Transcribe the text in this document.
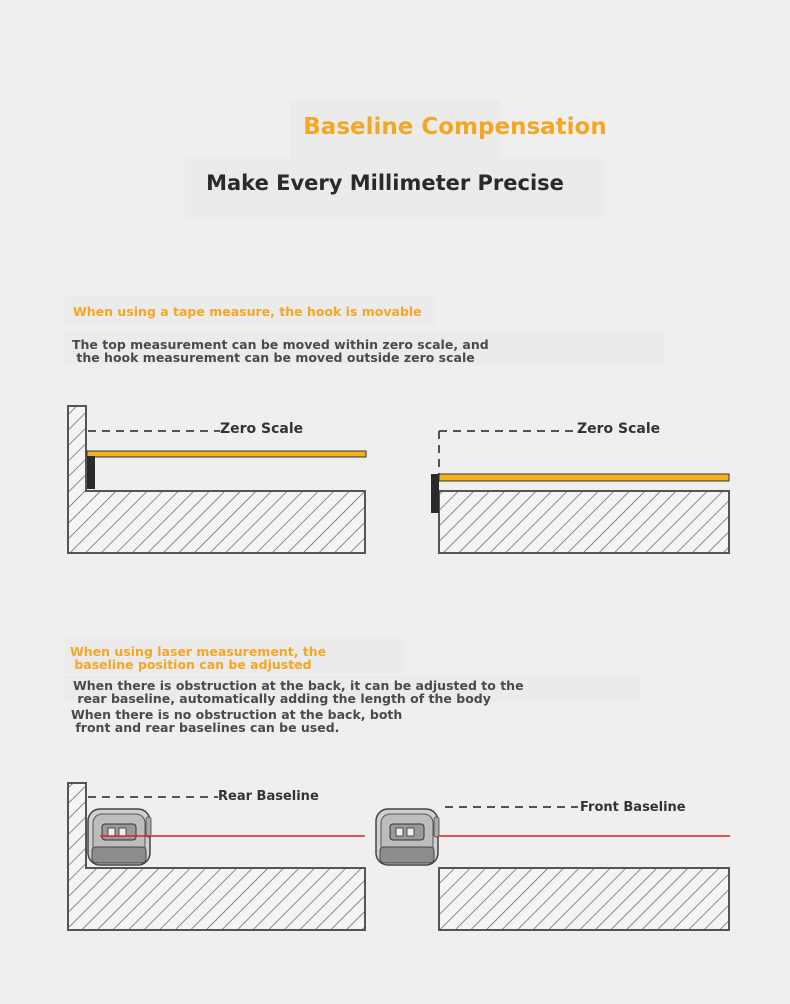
Baseline Compensation

Make Every Millimeter Precise

When using a tape measure, the hook is movable

The top measurement can be moved within zero scale, and

the hook measurement can be moved outside zero scale

When using laser measurement, the

baseline position can be adjusted

When there is obstruction at the back, it can be adjusted to the

rear baseline, automatically adding the length of the body

When there is no obstruction at the back, both

front and rear baselines can be used.

Zero Scale	Zero Scale

Rear Baseline

Front Baseline
